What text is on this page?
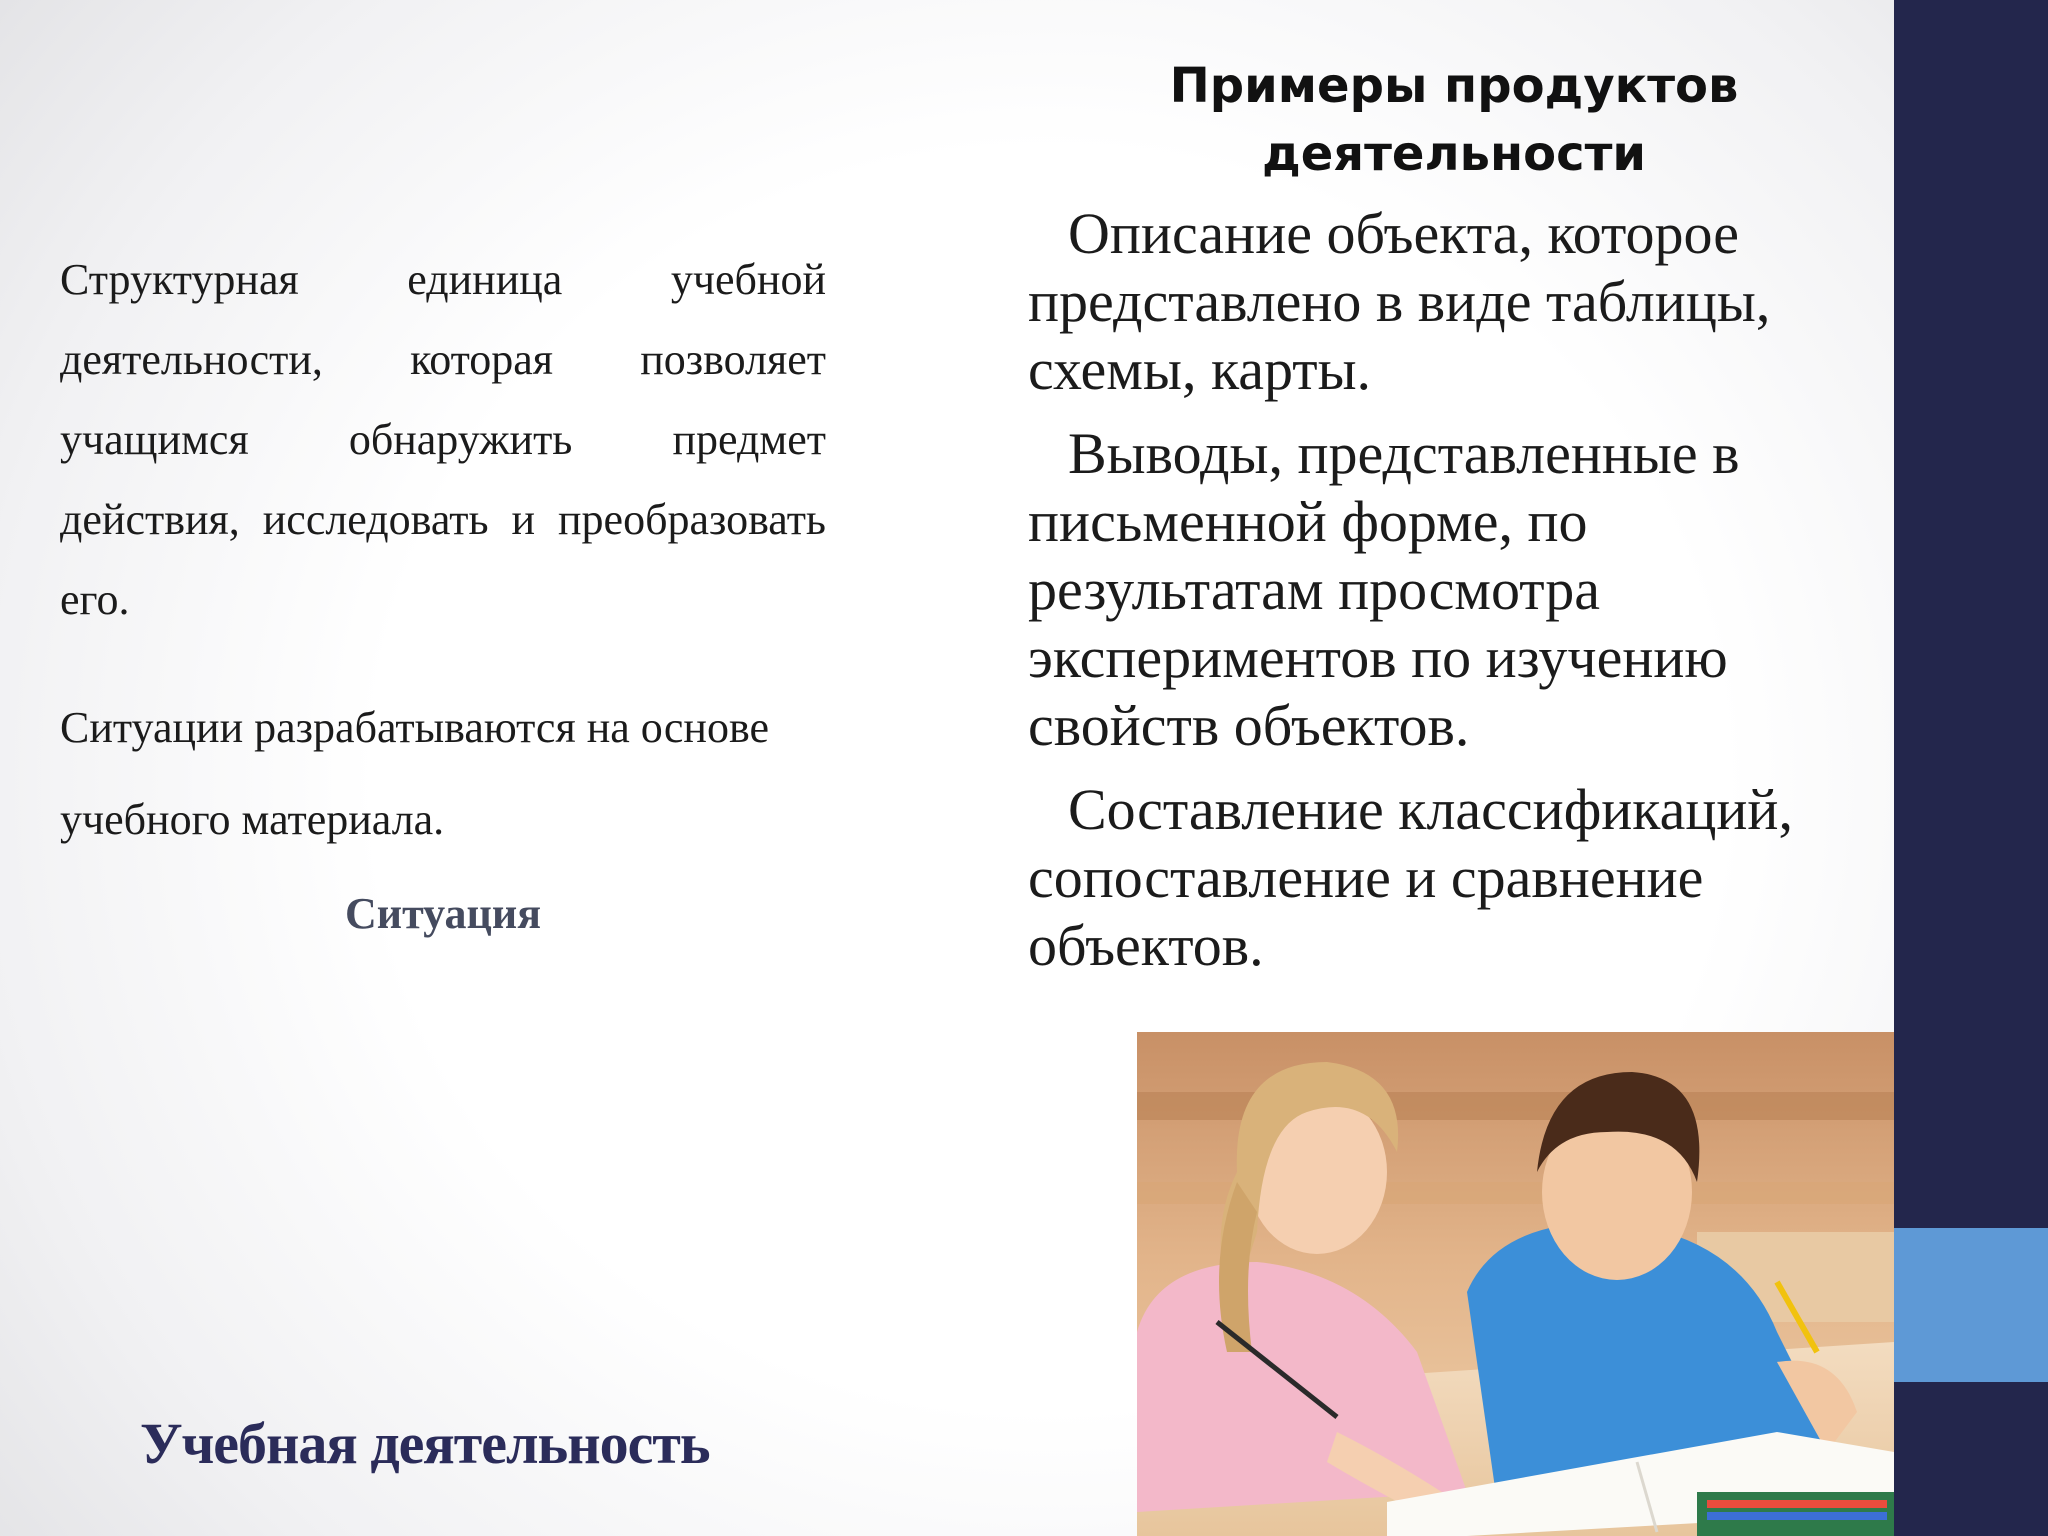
Структурная единица учебной деятельности, которая позволяет учащимся обнаружить предмет действия, исследовать и преобразовать его.

Ситуации разрабатываются на основе учебного материала.
Ситуация
Учебная деятельность
Примеры продуктов деятельности

Описание объекта, которое представлено в виде таблицы, схемы, карты.

Выводы, представленные в письменной форме, по результатам просмотра экспериментов по изучению свойств объектов.

Составление классификаций, сопоставление и сравнение объектов.
